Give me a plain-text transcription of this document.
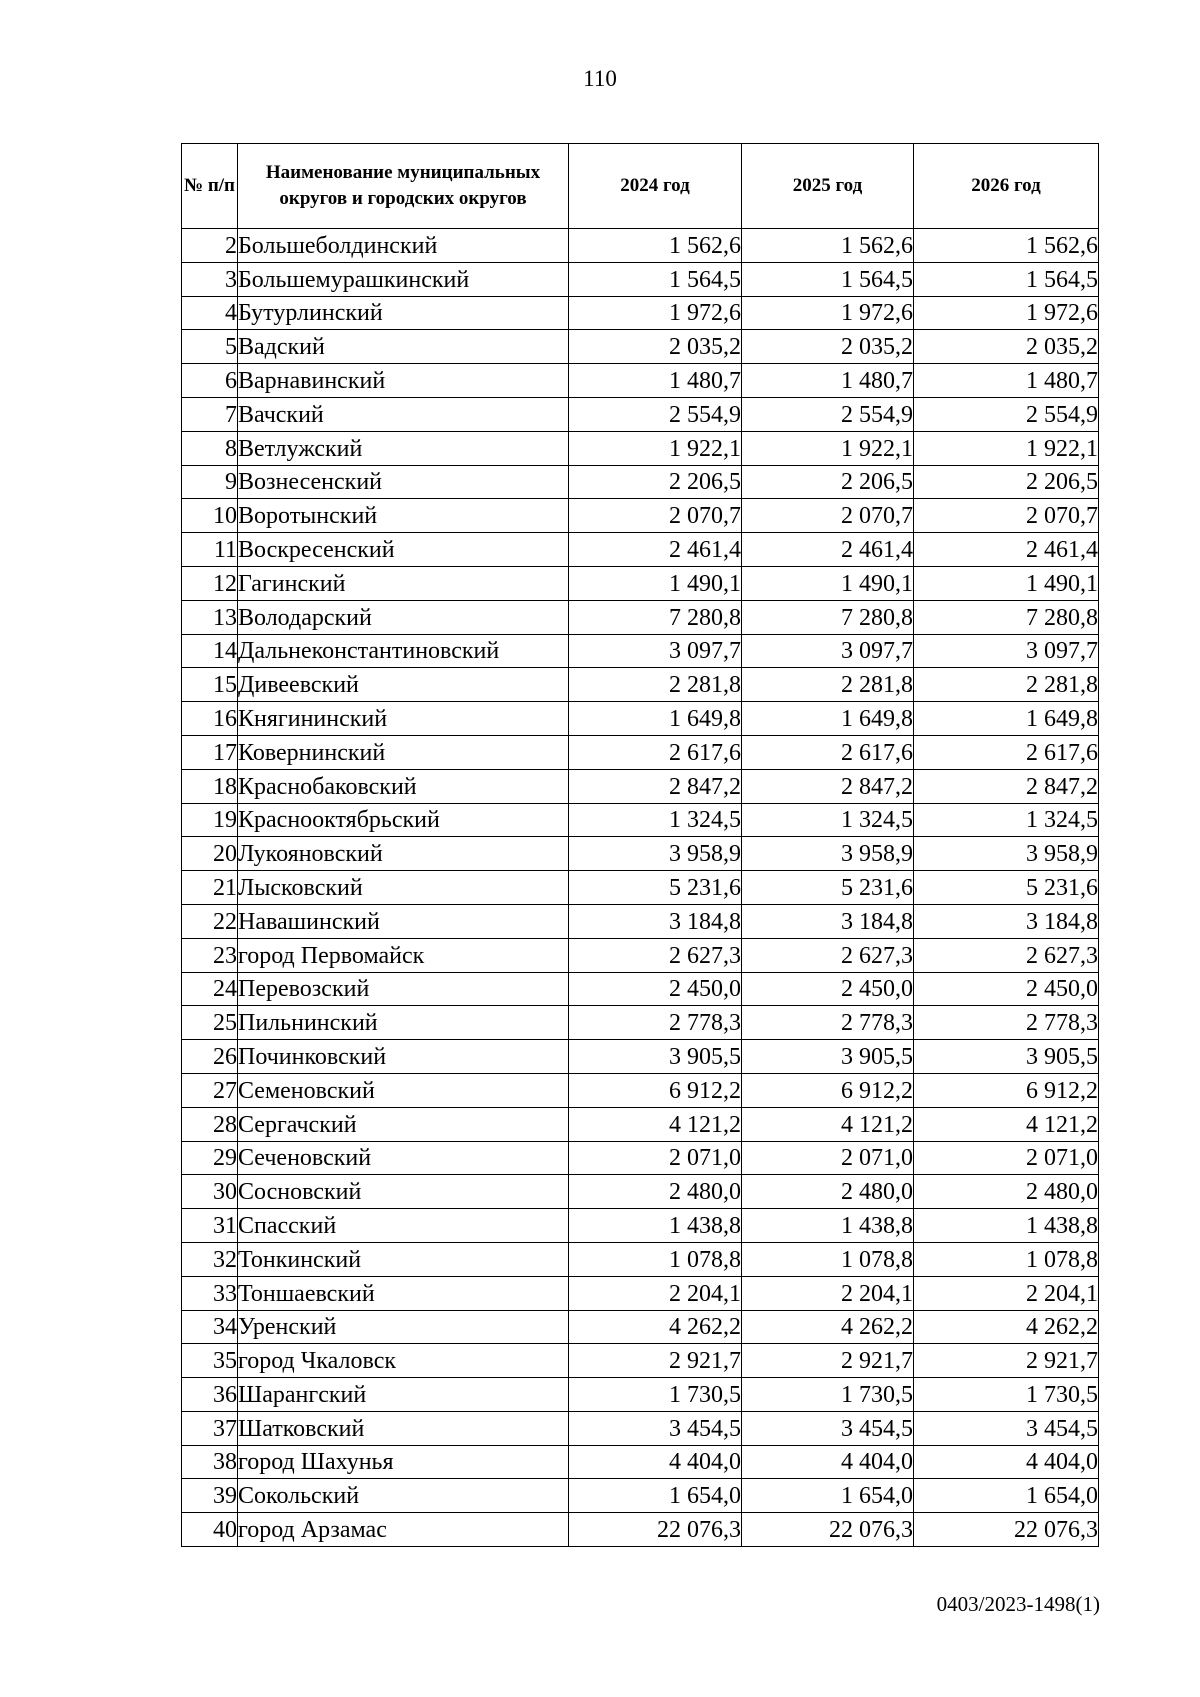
110
№ п/п	Наименование муниципальных округов и городских округов	2024 год	2025 год	2026 год
2	Большеболдинский	1 562,6	1 562,6	1 562,6
3	Большемурашкинский	1 564,5	1 564,5	1 564,5
4	Бутурлинский	1 972,6	1 972,6	1 972,6
5	Вадский	2 035,2	2 035,2	2 035,2
6	Варнавинский	1 480,7	1 480,7	1 480,7
7	Вачский	2 554,9	2 554,9	2 554,9
8	Ветлужский	1 922,1	1 922,1	1 922,1
9	Вознесенский	2 206,5	2 206,5	2 206,5
10	Воротынский	2 070,7	2 070,7	2 070,7
11	Воскресенский	2 461,4	2 461,4	2 461,4
12	Гагинский	1 490,1	1 490,1	1 490,1
13	Володарский	7 280,8	7 280,8	7 280,8
14	Дальнеконстантиновский	3 097,7	3 097,7	3 097,7
15	Дивеевский	2 281,8	2 281,8	2 281,8
16	Княгининский	1 649,8	1 649,8	1 649,8
17	Ковернинский	2 617,6	2 617,6	2 617,6
18	Краснобаковский	2 847,2	2 847,2	2 847,2
19	Краснооктябрьский	1 324,5	1 324,5	1 324,5
20	Лукояновский	3 958,9	3 958,9	3 958,9
21	Лысковский	5 231,6	5 231,6	5 231,6
22	Навашинский	3 184,8	3 184,8	3 184,8
23	город Первомайск	2 627,3	2 627,3	2 627,3
24	Перевозский	2 450,0	2 450,0	2 450,0
25	Пильнинский	2 778,3	2 778,3	2 778,3
26	Починковский	3 905,5	3 905,5	3 905,5
27	Семеновский	6 912,2	6 912,2	6 912,2
28	Сергачский	4 121,2	4 121,2	4 121,2
29	Сеченовский	2 071,0	2 071,0	2 071,0
30	Сосновский	2 480,0	2 480,0	2 480,0
31	Спасский	1 438,8	1 438,8	1 438,8
32	Тонкинский	1 078,8	1 078,8	1 078,8
33	Тоншаевский	2 204,1	2 204,1	2 204,1
34	Уренский	4 262,2	4 262,2	4 262,2
35	город Чкаловск	2 921,7	2 921,7	2 921,7
36	Шарангский	1 730,5	1 730,5	1 730,5
37	Шатковский	3 454,5	3 454,5	3 454,5
38	город Шахунья	4 404,0	4 404,0	4 404,0
39	Сокольский	1 654,0	1 654,0	1 654,0
40	город Арзамас	22 076,3	22 076,3	22 076,3
0403/2023-1498(1)
